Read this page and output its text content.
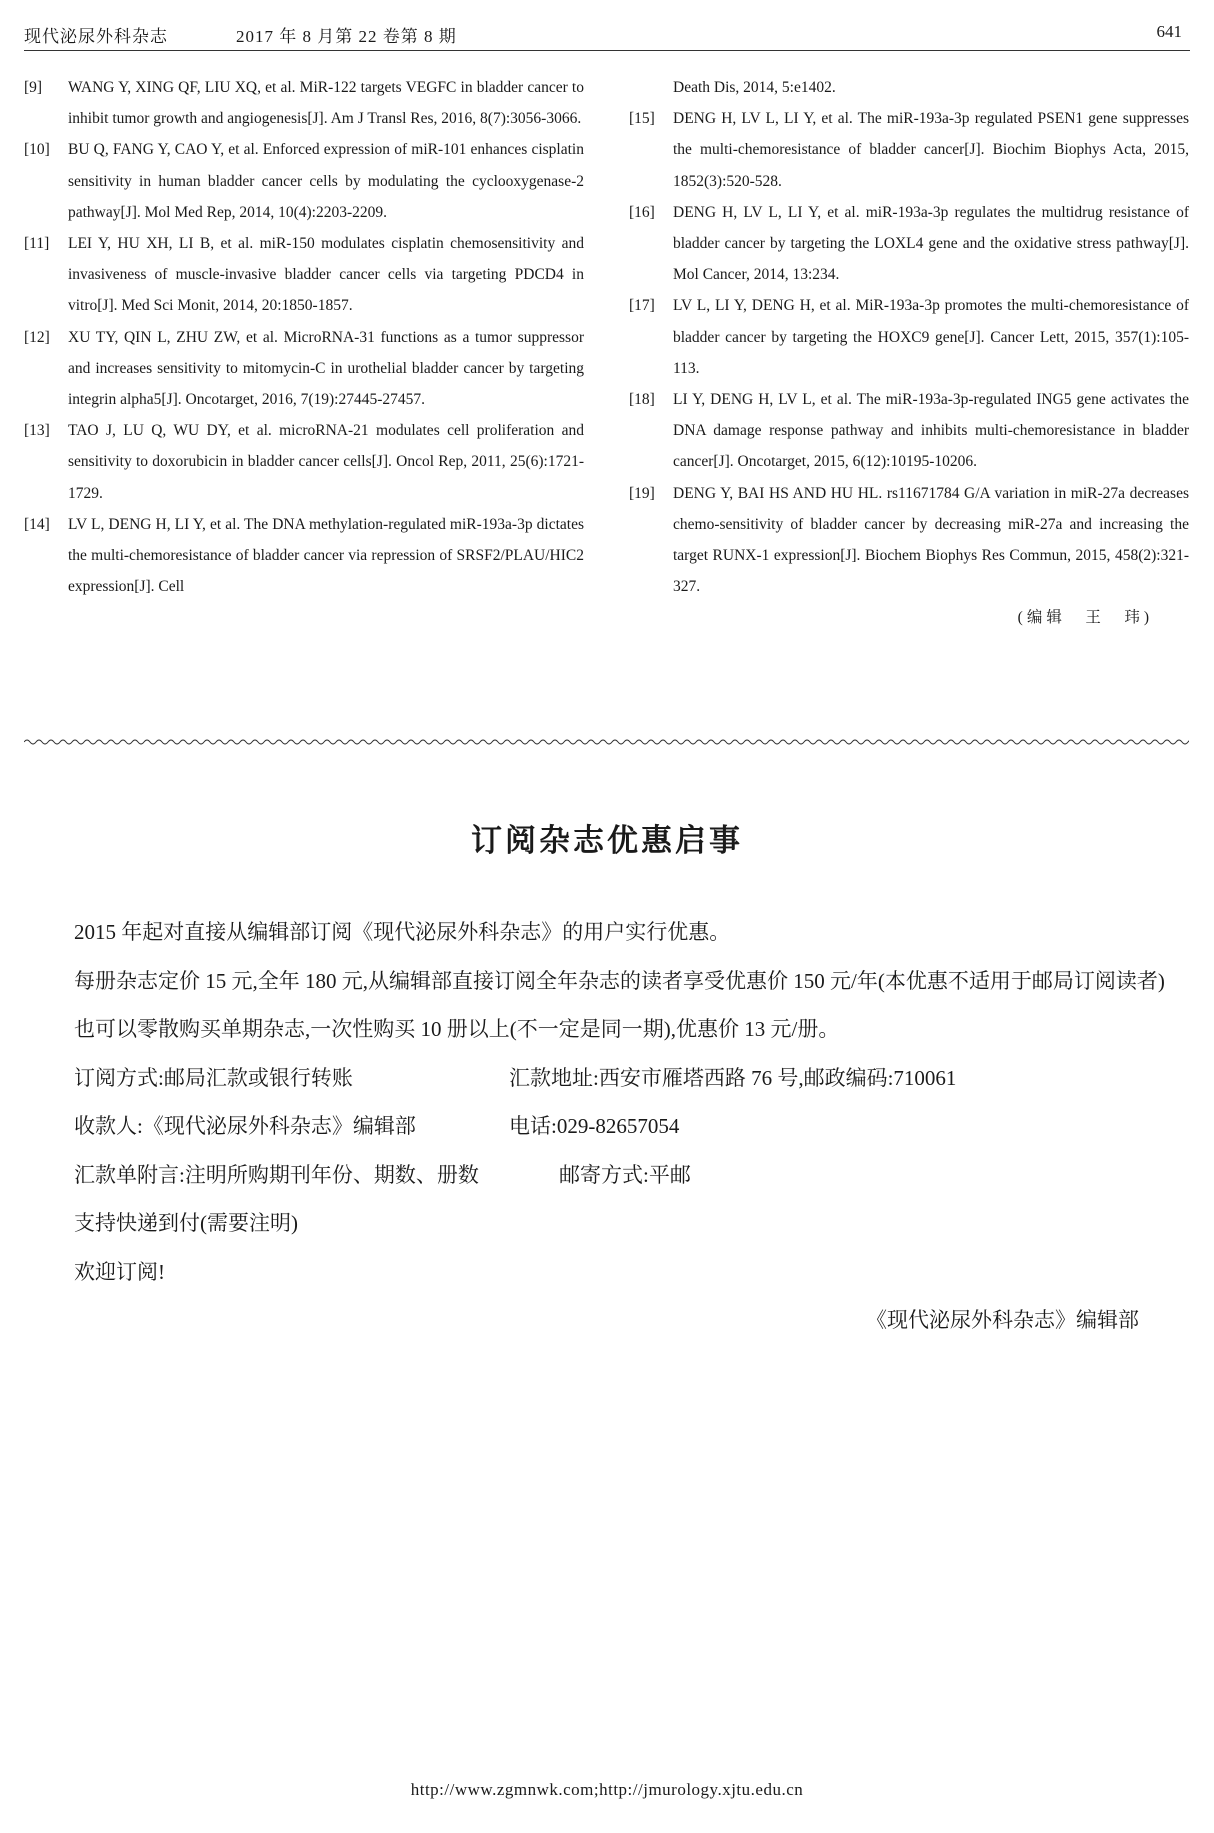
现代泌尿外科杂志	2017 年 8 月第 22 卷第 8 期	641
[9] WANG Y, XING QF, LIU XQ, et al. MiR-122 targets VEGFC in bladder cancer to inhibit tumor growth and angiogenesis[J]. Am J Transl Res, 2016, 8(7):3056-3066.
[10] BU Q, FANG Y, CAO Y, et al. Enforced expression of miR-101 enhances cisplatin sensitivity in human bladder cancer cells by modulating the cyclooxygenase-2 pathway[J]. Mol Med Rep, 2014, 10(4):2203-2209.
[11] LEI Y, HU XH, LI B, et al. miR-150 modulates cisplatin chemosensitivity and invasiveness of muscle-invasive bladder cancer cells via targeting PDCD4 in vitro[J]. Med Sci Monit, 2014, 20:1850-1857.
[12] XU TY, QIN L, ZHU ZW, et al. MicroRNA-31 functions as a tumor suppressor and increases sensitivity to mitomycin-C in urothelial bladder cancer by targeting integrin alpha5[J]. Oncotarget, 2016, 7(19):27445-27457.
[13] TAO J, LU Q, WU DY, et al. microRNA-21 modulates cell proliferation and sensitivity to doxorubicin in bladder cancer cells[J]. Oncol Rep, 2011, 25(6):1721-1729.
[14] LV L, DENG H, LI Y, et al. The DNA methylation-regulated miR-193a-3p dictates the multi-chemoresistance of bladder cancer via repression of SRSF2/PLAU/HIC2 expression[J]. Cell
Death Dis, 2014, 5:e1402.
[15] DENG H, LV L, LI Y, et al. The miR-193a-3p regulated PSEN1 gene suppresses the multi-chemoresistance of bladder cancer[J]. Biochim Biophys Acta, 2015, 1852(3):520-528.
[16] DENG H, LV L, LI Y, et al. miR-193a-3p regulates the multidrug resistance of bladder cancer by targeting the LOXL4 gene and the oxidative stress pathway[J]. Mol Cancer, 2014, 13:234.
[17] LV L, LI Y, DENG H, et al. MiR-193a-3p promotes the multi-chemoresistance of bladder cancer by targeting the HOXC9 gene[J]. Cancer Lett, 2015, 357(1):105-113.
[18] LI Y, DENG H, LV L, et al. The miR-193a-3p-regulated ING5 gene activates the DNA damage response pathway and inhibits multi-chemoresistance in bladder cancer[J]. Oncotarget, 2015, 6(12):10195-10206.
[19] DENG Y, BAI HS AND HU HL. rs11671784 G/A variation in miR-27a decreases chemo-sensitivity of bladder cancer by decreasing miR-27a and increasing the target RUNX-1 expression[J]. Biochem Biophys Res Commun, 2015, 458(2):321-327.
(编辑　王　玮)
订阅杂志优惠启事

2015 年起对直接从编辑部订阅《现代泌尿外科杂志》的用户实行优惠。

每册杂志定价 15 元,全年 180 元,从编辑部直接订阅全年杂志的读者享受优惠价 150 元/年(本优惠不适用于邮局订阅读者)

也可以零散购买单期杂志,一次性购买 10 册以上(不一定是同一期),优惠价 13 元/册。

订阅方式:邮局汇款或银行转账	汇款地址:西安市雁塔西路 76 号,邮政编码:710061
收款人:《现代泌尿外科杂志》编辑部	电话:029-82657054
汇款单附言:注明所购期刊年份、期数、册数	邮寄方式:平邮
支持快递到付(需要注明)
欢迎订阅!

《现代泌尿外科杂志》编辑部

http://www.zgmnwk.com;http://jmurology.xjtu.edu.cn
